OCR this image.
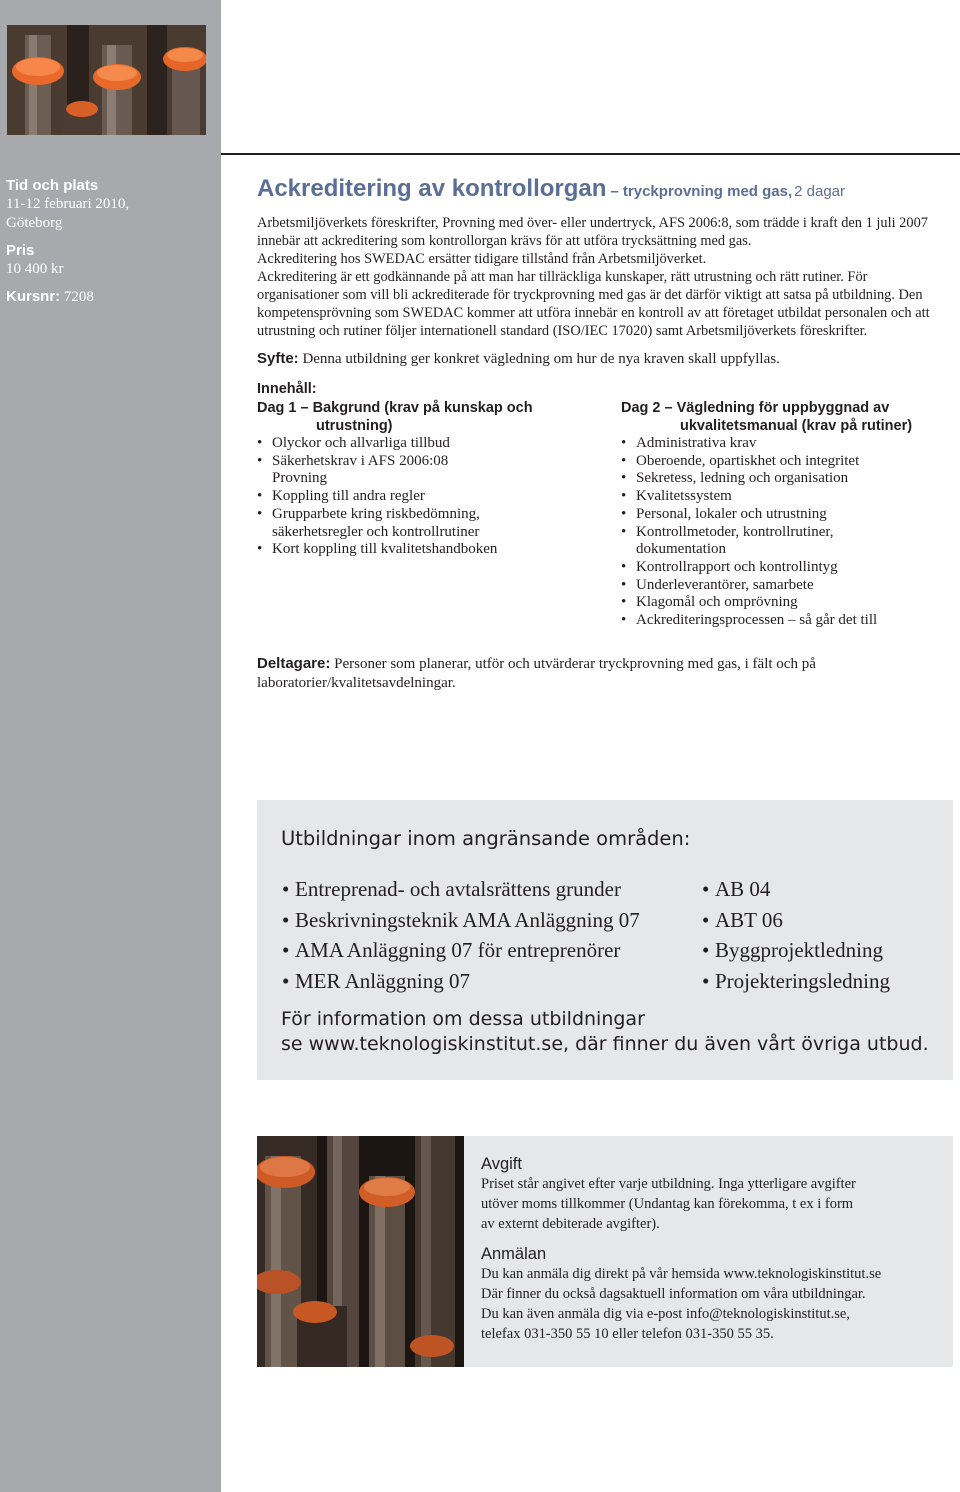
Tid och plats
11-12 februari 2010,
Göteborg
Pris
10 400 kr
Kursnr: 7208
Ackreditering av kontrollorgan – tryckprovning med gas, 2 dagar

Arbetsmiljöverkets föreskrifter, Provning med över- eller undertryck, AFS 2006:8, som trädde i kraft den 1 juli 2007 innebär att ackreditering som kontrollorgan krävs för att utföra trycksättning med gas.

Ackreditering hos SWEDAC ersätter tidigare tillstånd från Arbetsmiljöverket.

Ackreditering är ett godkännande på att man har tillräckliga kunskaper, rätt utrustning och rätt rutiner. För organisationer som vill bli ackrediterade för tryckprovning med gas är det därför viktigt att satsa på utbildning. Den kompetensprövning som SWEDAC kommer att utföra innebär en kontroll av att företaget utbildat personalen och att utrustning och rutiner följer internationell standard (ISO/IEC 17020) samt Arbetsmiljöverkets föreskrifter.

Syfte: Denna utbildning ger konkret vägledning om hur de nya kraven skall uppfyllas.
Innehåll:
Dag 1 – Bakgrund (krav på kunskap och
utrustning)
• Olyckor och allvarliga tillbud
• Säkerhetskrav i AFS 2006:08 Provning
• Koppling till andra regler
• Grupparbete kring riskbedömning, säkerhetsregler och kontrollrutiner
• Kort koppling till kvalitetshandboken
Dag 2 – Vägledning för uppbyggnad av
ukvalitetsmanual (krav på rutiner)
• Administrativa krav
• Oberoende, opartiskhet och integritet
• Sekretess, ledning och organisation
• Kvalitetssystem
• Personal, lokaler och utrustning
• Kontrollmetoder, kontrollrutiner, dokumentation
• Kontrollrapport och kontrollintyg
• Underleverantörer, samarbete
• Klagomål och omprövning
• Ackrediteringsprocessen – så går det till
Deltagare: Personer som planerar, utför och utvärderar tryckprovning med gas, i fält och på laboratorier/kvalitetsavdelningar.
Utbildningar inom angränsande områden:
• Entreprenad- och avtalsrättens grunder
• Beskrivningsteknik AMA Anläggning 07
• AMA Anläggning 07 för entreprenörer
• MER Anläggning 07
• AB 04
• ABT 06
• Byggprojektledning
• Projekteringsledning
För information om dessa utbildningar
se www.teknologiskinstitut.se, där finner du även vårt övriga utbud.
Avgift
Priset står angivet efter varje utbildning. Inga ytterligare avgifter
utöver moms tillkommer (Undantag kan förekomma, t ex i form
av externt debiterade avgifter).
Anmälan
Du kan anmäla dig direkt på vår hemsida www.teknologiskinstitut.se
Där finner du också dagsaktuell information om våra utbildningar.
Du kan även anmäla dig via e-post info@teknologiskinstitut.se,
telefax 031-350 55 10 eller telefon 031-350 55 35.
